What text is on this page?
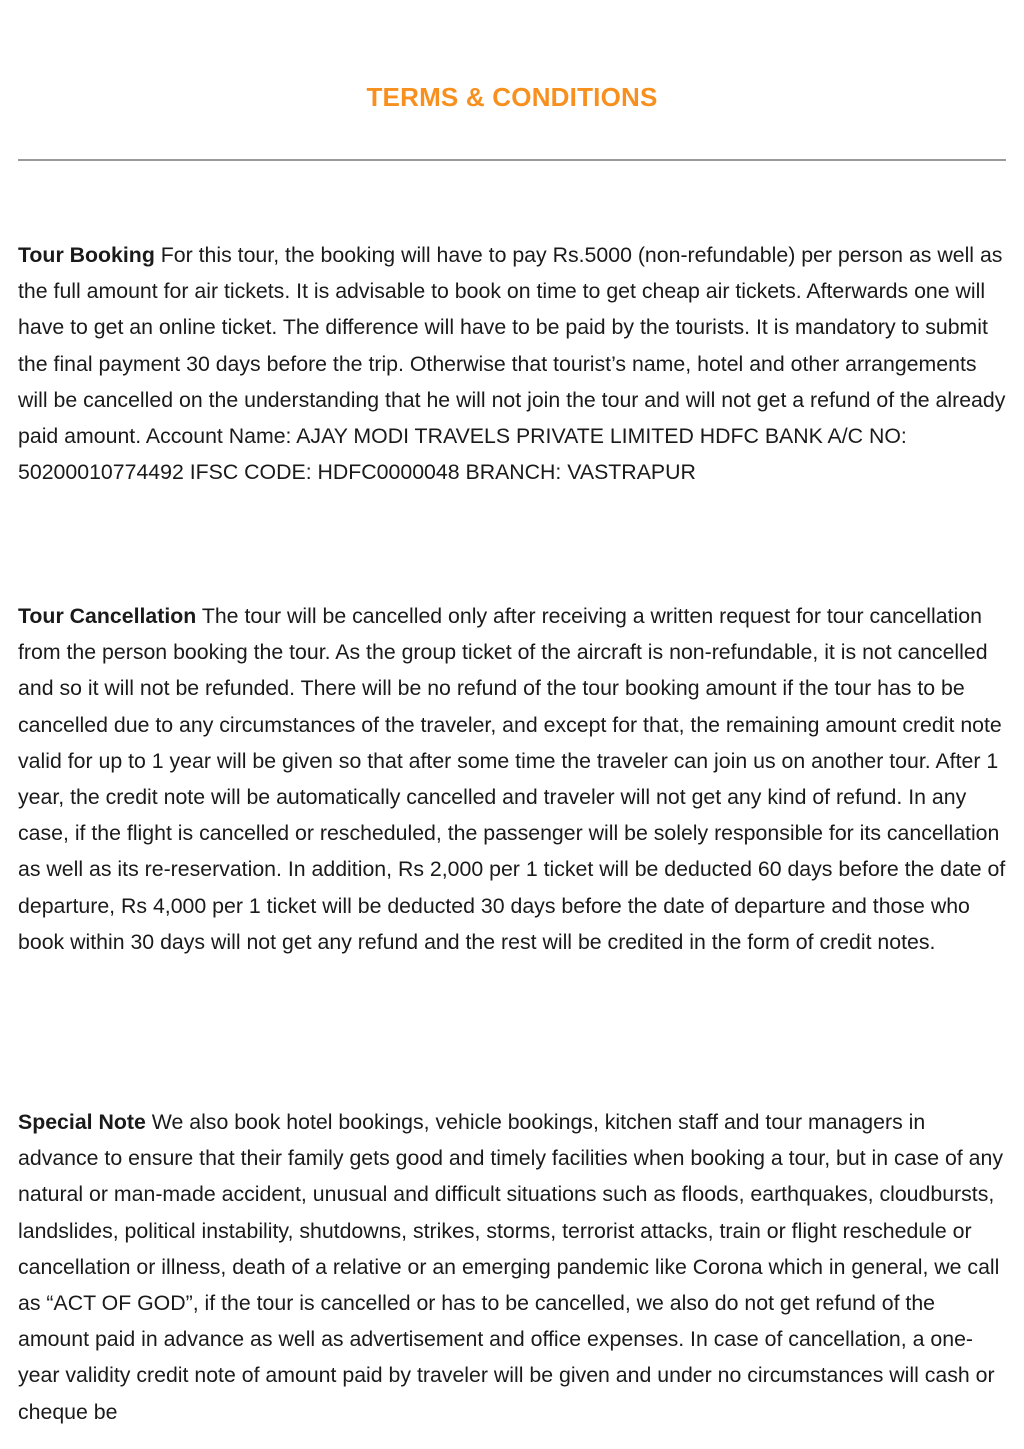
TERMS & CONDITIONS

Tour Booking For this tour, the booking will have to pay Rs.5000 (non-refundable) per person as well as the full amount for air tickets. It is advisable to book on time to get cheap air tickets. Afterwards one will have to get an online ticket. The difference will have to be paid by the tourists. It is mandatory to submit the final payment 30 days before the trip. Otherwise that tourist’s name, hotel and other arrangements will be cancelled on the understanding that he will not join the tour and will not get a refund of the already paid amount. Account Name: AJAY MODI TRAVELS PRIVATE LIMITED HDFC BANK A/C NO: 50200010774492 IFSC CODE: HDFC0000048 BRANCH: VASTRAPUR

Tour Cancellation The tour will be cancelled only after receiving a written request for tour cancellation from the person booking the tour. As the group ticket of the aircraft is non-refundable, it is not cancelled and so it will not be refunded. There will be no refund of the tour booking amount if the tour has to be cancelled due to any circumstances of the traveler, and except for that, the remaining amount credit note valid for up to 1 year will be given so that after some time the traveler can join us on another tour. After 1 year, the credit note will be automatically cancelled and traveler will not get any kind of refund. In any case, if the flight is cancelled or rescheduled, the passenger will be solely responsible for its cancellation as well as its re-reservation. In addition, Rs 2,000 per 1 ticket will be deducted 60 days before the date of departure, Rs 4,000 per 1 ticket will be deducted 30 days before the date of departure and those who book within 30 days will not get any refund and the rest will be credited in the form of credit notes.

Special Note We also book hotel bookings, vehicle bookings, kitchen staff and tour managers in advance to ensure that their family gets good and timely facilities when booking a tour, but in case of any natural or man-made accident, unusual and difficult situations such as floods, earthquakes, cloudbursts, landslides, political instability, shutdowns, strikes, storms, terrorist attacks, train or flight reschedule or cancellation or illness, death of a relative or an emerging pandemic like Corona which in general, we call as “ACT OF GOD”, if the tour is cancelled or has to be cancelled, we also do not get refund of the amount paid in advance as well as advertisement and office expenses. In case of cancellation, a one-year validity credit note of amount paid by traveler will be given and under no circumstances will cash or cheque be
